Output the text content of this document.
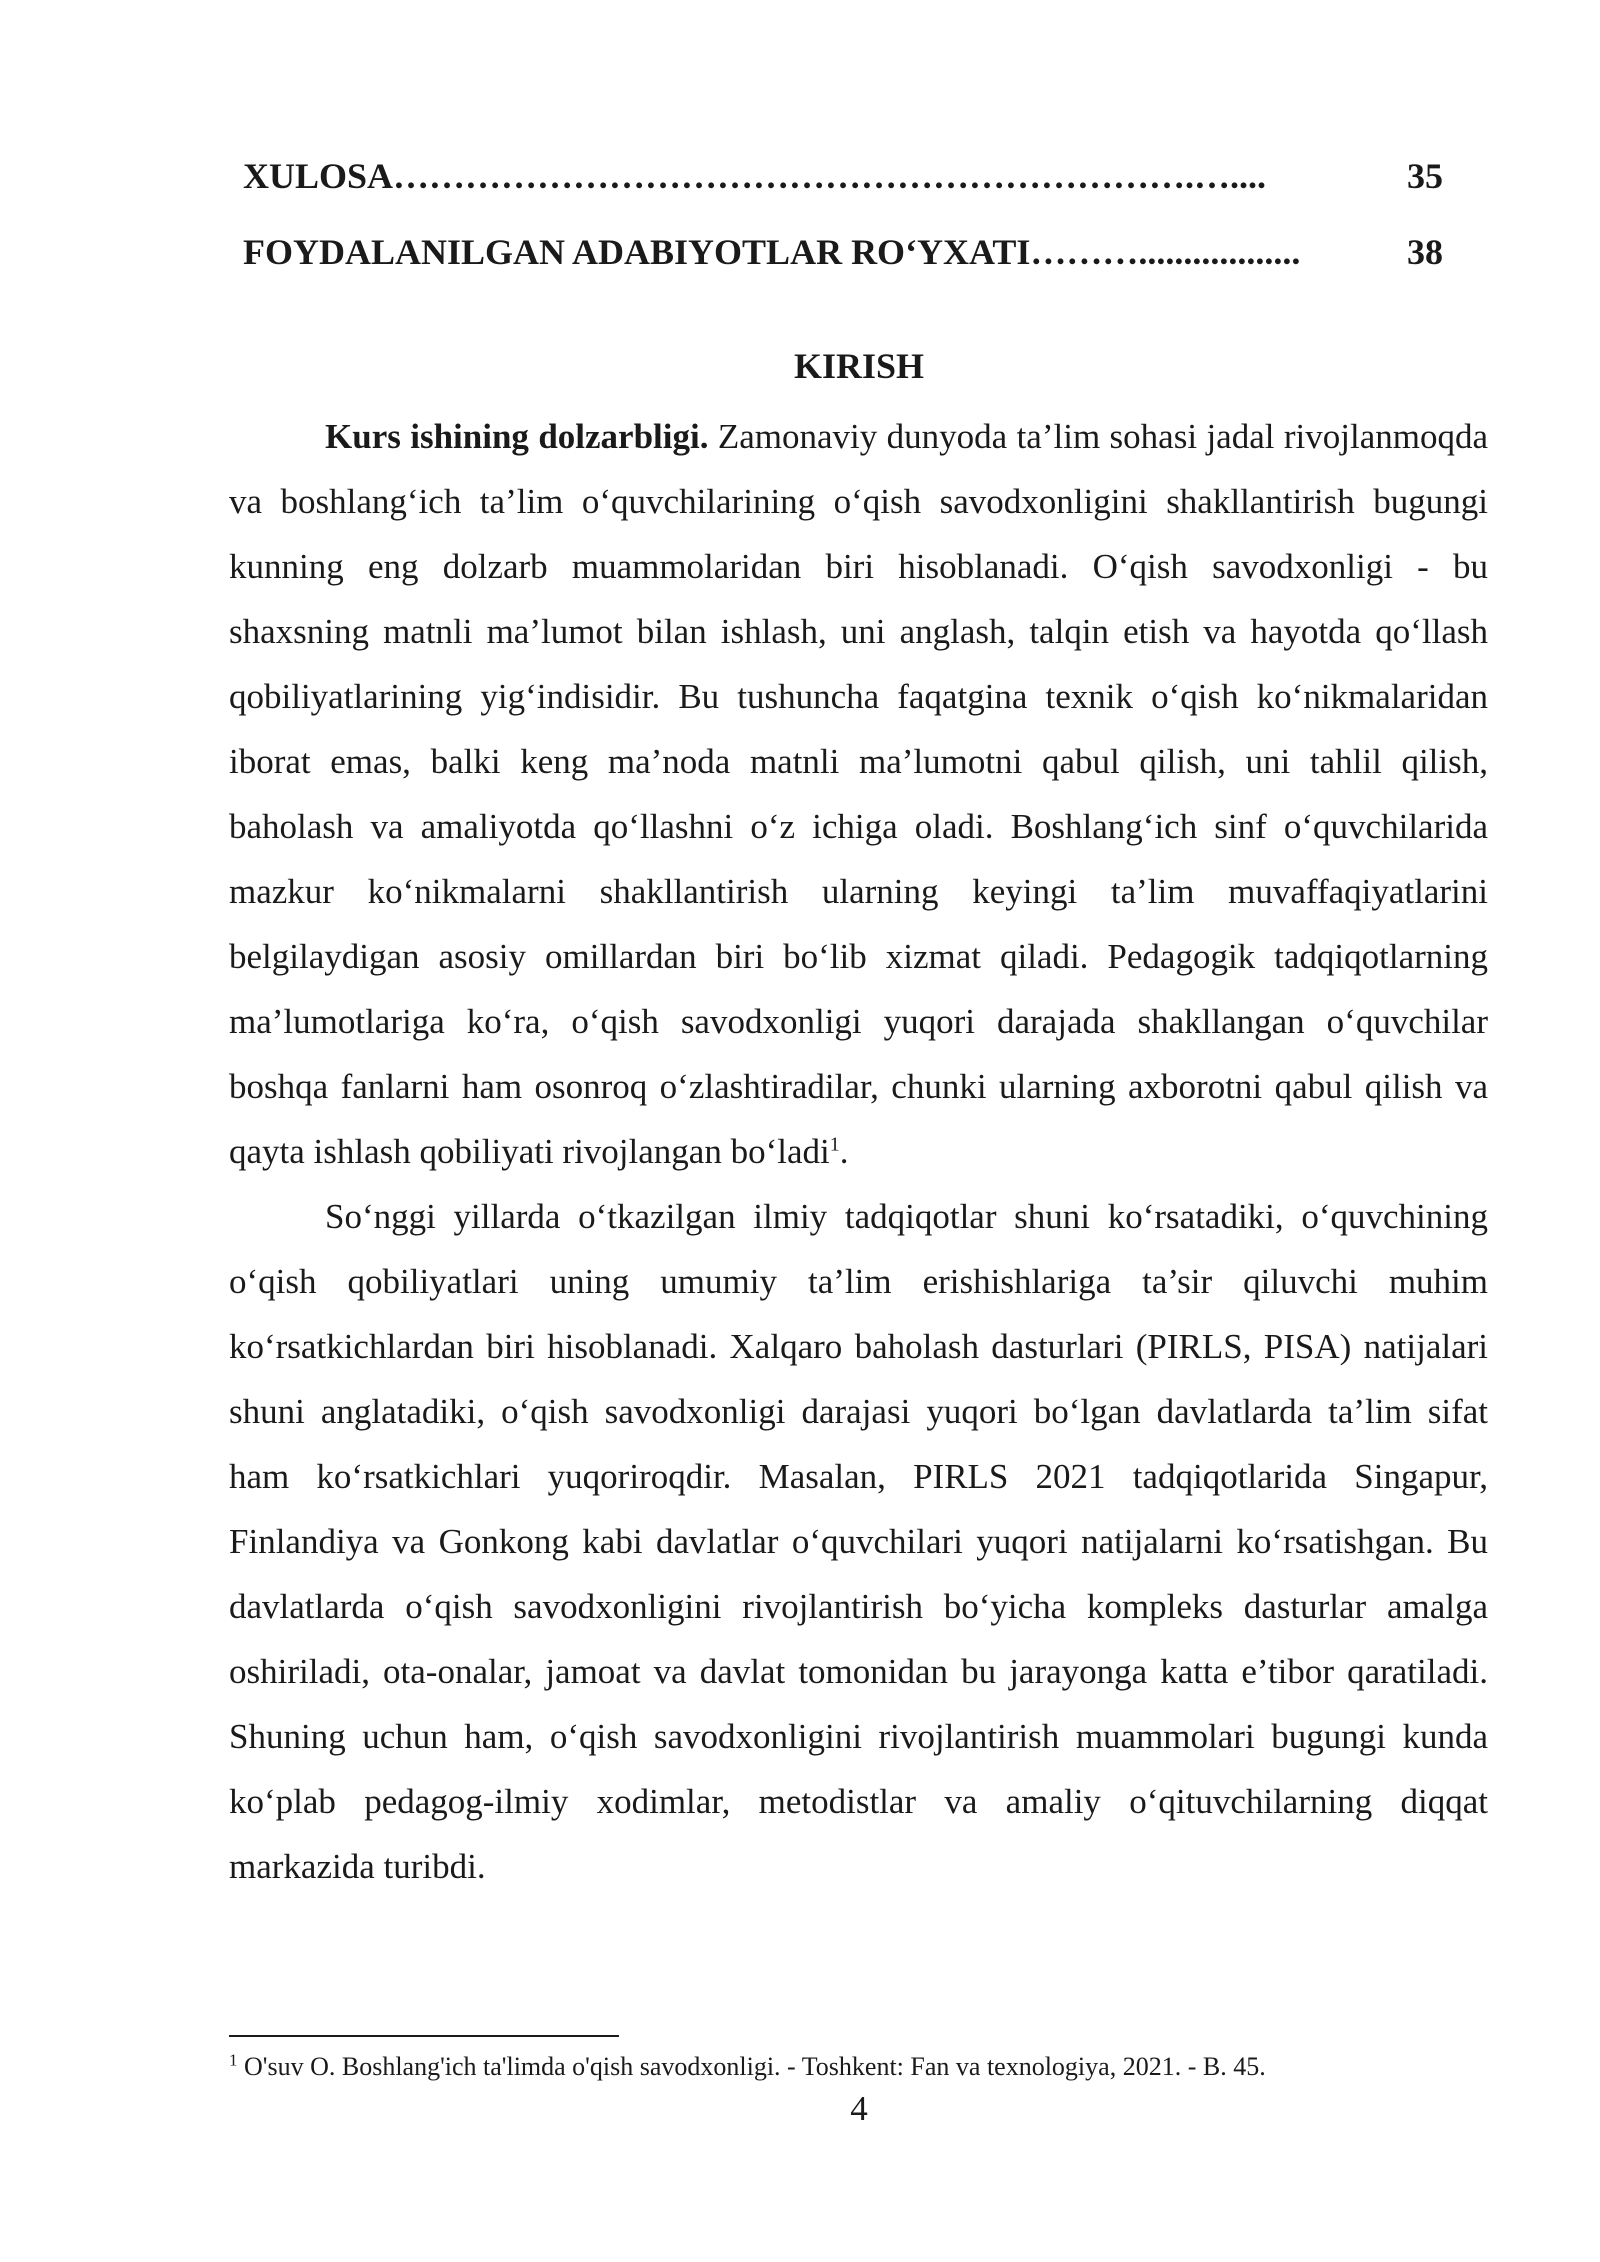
XULOSA………………………………………………………….…....	35
FOYDALANILGAN ADABIYOTLAR RO‘YXATI………..................	38
KIRISH

Kurs ishining dolzarbligi. Zamonaviy dunyoda ta’lim sohasi jadal rivojlanmoqda va boshlang‘ich ta’lim o‘quvchilarining o‘qish savodxonligini shakllantirish bugungi kunning eng dolzarb muammolaridan biri hisoblanadi. O‘qish savodxonligi - bu shaxsning matnli ma’lumot bilan ishlash, uni anglash, talqin etish va hayotda qo‘llash qobiliyatlarining yig‘indisidir. Bu tushuncha faqatgina texnik o‘qish ko‘nikmalaridan iborat emas, balki keng ma’noda matnli ma’lumotni qabul qilish, uni tahlil qilish, baholash va amaliyotda qo‘llashni o‘z ichiga oladi. Boshlang‘ich sinf o‘quvchilarida mazkur ko‘nikmalarni shakllantirish ularning keyingi ta’lim muvaffaqiyatlarini belgilaydigan asosiy omillardan biri bo‘lib xizmat qiladi. Pedagogik tadqiqotlarning ma’lumotlariga ko‘ra, o‘qish savodxonligi yuqori darajada shakllangan o‘quvchilar boshqa fanlarni ham osonroq o‘zlashtiradilar, chunki ularning axborotni qabul qilish va qayta ishlash qobiliyati rivojlangan bo‘ladi$^1$.

So‘nggi yillarda o‘tkazilgan ilmiy tadqiqotlar shuni ko‘rsatadiki, o‘quvchining o‘qish qobiliyatlari uning umumiy ta’lim erishishlariga ta’sir qiluvchi muhim ko‘rsatkichlardan biri hisoblanadi. Xalqaro baholash dasturlari (PIRLS, PISA) natijalari shuni anglatadiki, o‘qish savodxonligi darajasi yuqori bo‘lgan davlatlarda ta’lim sifat ham ko‘rsatkichlari yuqoriroqdir. Masalan, PIRLS 2021 tadqiqotlarida Singapur, Finlandiya va Gonkong kabi davlatlar o‘quvchilari yuqori natijalarni ko‘rsatishgan. Bu davlatlarda o‘qish savodxonligini rivojlantirish bo‘yicha kompleks dasturlar amalga oshiriladi, ota-onalar, jamoat va davlat tomonidan bu jarayonga katta e’tibor qaratiladi. Shuning uchun ham, o‘qish savodxonligini rivojlantirish muammolari bugungi kunda ko‘plab pedagog-ilmiy xodimlar, metodistlar va amaliy o‘qituvchilarning diqqat markazida turibdi.

$^1$ O'suv O. Boshlang'ich ta'limda o'qish savodxonligi. - Toshkent: Fan va texnologiya, 2021. - B. 45.
4
